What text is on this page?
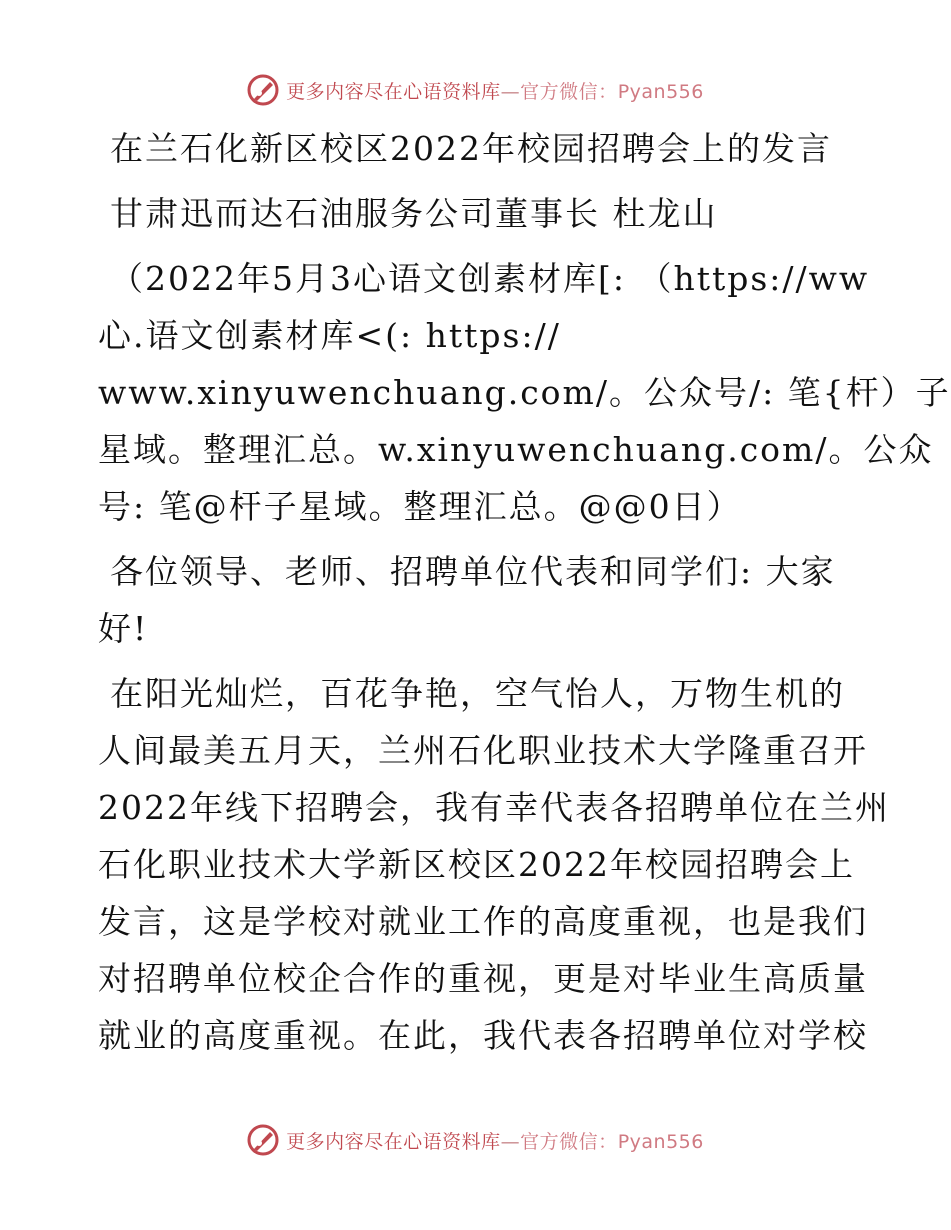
更多内容尽在心语资料库—官方微信：Pyan556
在兰石化新区校区2022年校园招聘会上的发言
甘肃迅而达石油服务公司董事长 杜龙山
（2022年5月3心语文创素材库[: （https://ww
心.语文创素材库<(: https://
www.xinyuwenchuang.com/。公众号/: 笔{杆）子
星域。整理汇总。w.xinyuwenchuang.com/。公众
号: 笔@杆子星域。整理汇总。@@0日）
各位领导、老师、招聘单位代表和同学们: 大家
好!
在阳光灿烂，百花争艳，空气怡人，万物生机的
人间最美五月天，兰州石化职业技术大学隆重召开
2022年线下招聘会，我有幸代表各招聘单位在兰州
石化职业技术大学新区校区2022年校园招聘会上
发言，这是学校对就业工作的高度重视，也是我们
对招聘单位校企合作的重视，更是对毕业生高质量
就业的高度重视。在此，我代表各招聘单位对学校
更多内容尽在心语资料库—官方微信：Pyan556
